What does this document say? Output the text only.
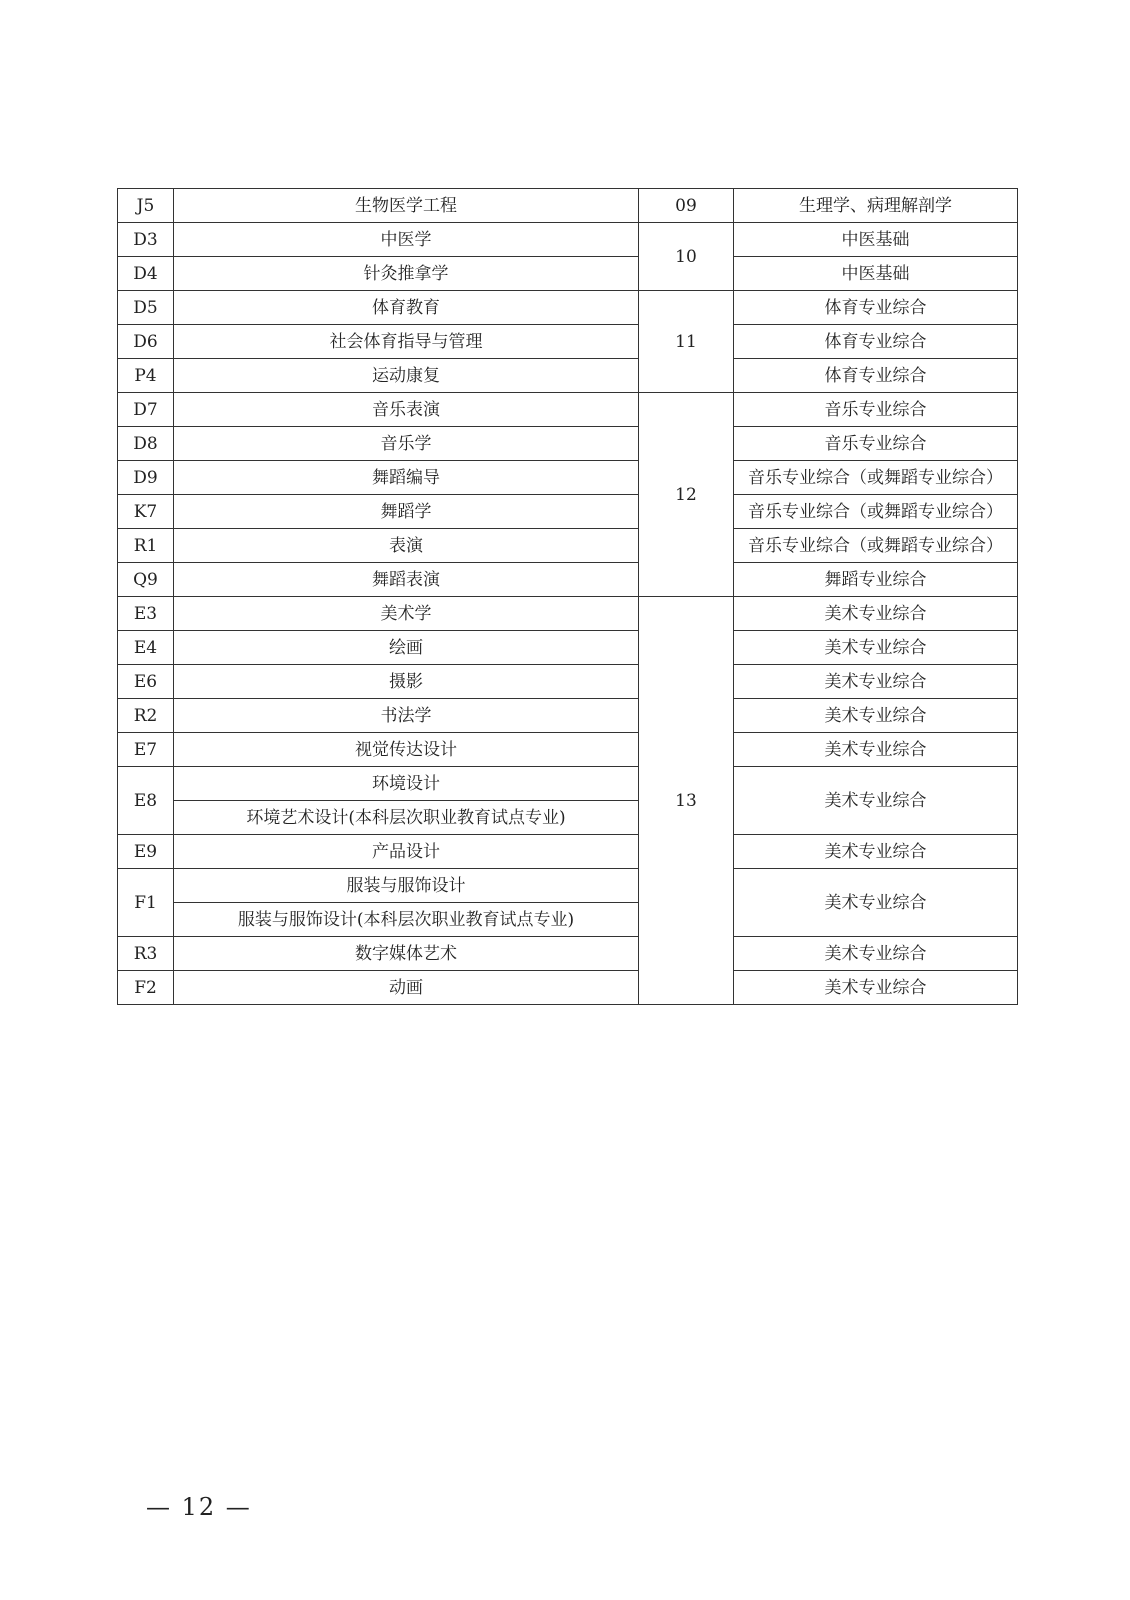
J5	生物医学工程	09	生理学、病理解剖学
D3	中医学	10	中医基础
D4	针灸推拿学		中医基础
D5	体育教育	11	体育专业综合
D6	社会体育指导与管理		体育专业综合
P4	运动康复		体育专业综合
D7	音乐表演	12	音乐专业综合
D8	音乐学		音乐专业综合
D9	舞蹈编导		音乐专业综合（或舞蹈专业综合）
K7	舞蹈学		音乐专业综合（或舞蹈专业综合）
R1	表演		音乐专业综合（或舞蹈专业综合）
Q9	舞蹈表演		舞蹈专业综合
E3	美术学	13	美术专业综合
E4	绘画		美术专业综合
E6	摄影		美术专业综合
R2	书法学		美术专业综合
E7	视觉传达设计		美术专业综合
E8	环境设计		美术专业综合
	环境艺术设计(本科层次职业教育试点专业)		
E9	产品设计		美术专业综合
F1	服装与服饰设计		美术专业综合
	服装与服饰设计(本科层次职业教育试点专业)		
R3	数字媒体艺术		美术专业综合
F2	动画		美术专业综合
— 12 —
